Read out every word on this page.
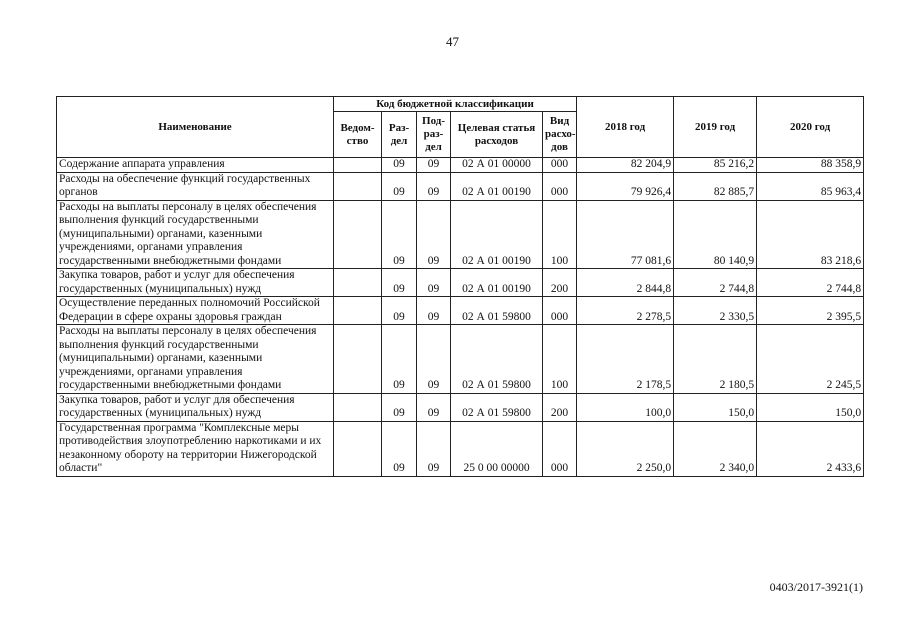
47
Наименование	Код бюджетной классификации					2018 год	2019 год	2020 год
	Ведом-ство	Раз-дел	Под-раз-дел	Целевая статья расходов	Вид расхо-дов			
Содержание аппарата управления		09	09	02 А 01 00000	000	82 204,9	85 216,2	88 358,9
Расходы на обеспечение функций государственных органов		09	09	02 А 01 00190	000	79 926,4	82 885,7	85 963,4
Расходы на выплаты персоналу в целях обеспечения выполнения функций государственными (муниципальными) органами, казенными учреждениями, органами управления государственными внебюджетными фондами		09	09	02 А 01 00190	100	77 081,6	80 140,9	83 218,6
Закупка товаров, работ и услуг для обеспечения государственных (муниципальных) нужд		09	09	02 А 01 00190	200	2 844,8	2 744,8	2 744,8
Осуществление переданных полномочий Российской Федерации в сфере охраны здоровья граждан		09	09	02 А 01 59800	000	2 278,5	2 330,5	2 395,5
Расходы на выплаты персоналу в целях обеспечения выполнения функций государственными (муниципальными) органами, казенными учреждениями, органами управления государственными внебюджетными фондами		09	09	02 А 01 59800	100	2 178,5	2 180,5	2 245,5
Закупка товаров, работ и услуг для обеспечения государственных (муниципальных) нужд		09	09	02 А 01 59800	200	100,0	150,0	150,0
Государственная программа "Комплексные меры противодействия злоупотреблению наркотиками и их незаконному обороту на территории Нижегородской области"		09	09	25 0 00 00000	000	2 250,0	2 340,0	2 433,6
0403/2017-3921(1)
